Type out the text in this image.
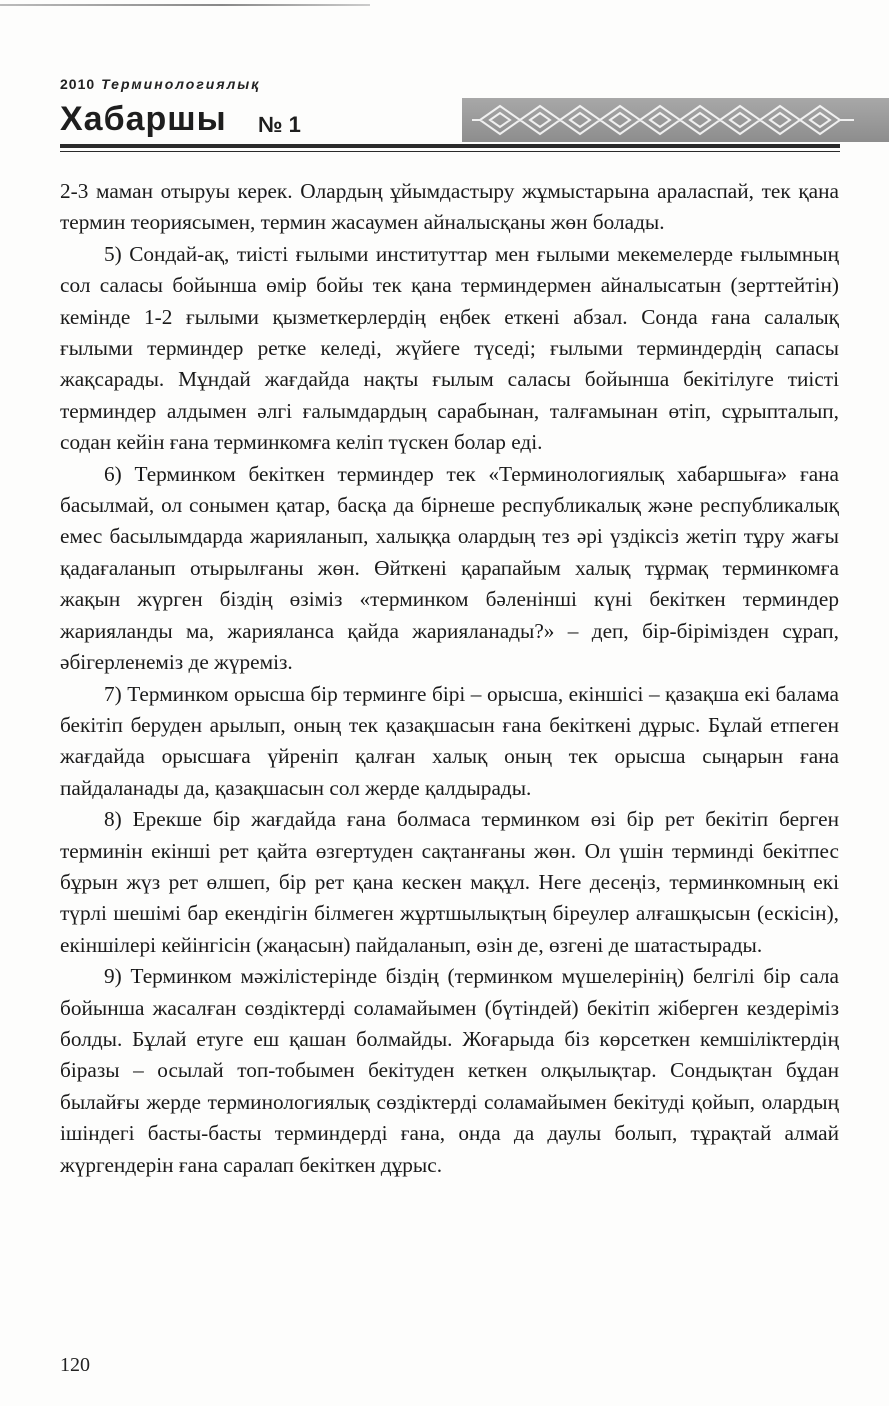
2010 Терминологиялық
Хабаршы № 1

2-3 маман отыруы керек. Олардың ұйымдастыру жұмыстарына араласпай, тек қана термин теориясымен, термин жасаумен айналысқаны жөн болады.

5) Сондай-ақ, тиісті ғылыми институттар мен ғылыми мекемелерде ғылымның сол саласы бойынша өмір бойы тек қана терминдермен айналысатын (зерттейтін) кемінде 1-2 ғылыми қызметкерлердің еңбек еткені абзал. Сонда ғана салалық ғылыми терминдер ретке келеді, жүйеге түседі; ғылыми терминдердің сапасы жақсарады. Мұндай жағдайда нақты ғылым саласы бойынша бекітілуге тиісті терминдер алдымен әлгі ғалымдардың сарабынан, талғамынан өтіп, сұрыпталып, содан кейін ғана терминкомға келіп түскен болар еді.

6) Терминком бекіткен терминдер тек «Терминологиялық хабаршыға» ғана басылмай, ол сонымен қатар, басқа да бірнеше республикалық және республикалық емес басылымдарда жарияланып, халыққа олардың тез әрі үздіксіз жетіп тұру жағы қадағаланып отырылғаны жөн. Өйткені қарапайым халық тұрмақ терминкомға жақын жүрген біздің өзіміз «терминком бәленінші күні бекіткен терминдер жарияланды ма, жарияланса қайда жарияланады?» – деп, бір-бірімізден сұрап, әбігерленеміз де жүреміз.

7) Терминком орысша бір терминге бірі – орысша, екіншісі – қазақша екі балама бекітіп беруден арылып, оның тек қазақшасын ғана бекіткені дұрыс. Бұлай етпеген жағдайда орысшаға үйреніп қалған халық оның тек орысша сыңарын ғана пайдаланады да, қазақшасын сол жерде қалдырады.

8) Ерекше бір жағдайда ғана болмаса терминком өзі бір рет бекітіп берген терминін екінші рет қайта өзгертуден сақтанғаны жөн. Ол үшін терминді бекітпес бұрын жүз рет өлшеп, бір рет қана кескен мақұл. Неге десеңіз, терминкомның екі түрлі шешімі бар екендігін білмеген жұртшылықтың біреулер алғашқысын (ескісін), екіншілері кейінгісін (жаңасын) пайдаланып, өзін де, өзгені де шатастырады.

9) Терминком мәжілістерінде біздің (терминком мүшелерінің) белгілі бір сала бойынша жасалған сөздіктерді соламайымен (бүтіндей) бекітіп жіберген кездеріміз болды. Бұлай етуге еш қашан болмайды. Жоғарыда біз көрсеткен кемшіліктердің біразы – осылай топ-тобымен бекітуден кеткен олқылықтар. Сондықтан бұдан былайғы жерде терминологиялық сөздіктерді соламайымен бекітуді қойып, олардың ішіндегі басты-басты терминдерді ғана, онда да даулы болып, тұрақтай алмай жүргендерін ғана саралап бекіткен дұрыс.

120
